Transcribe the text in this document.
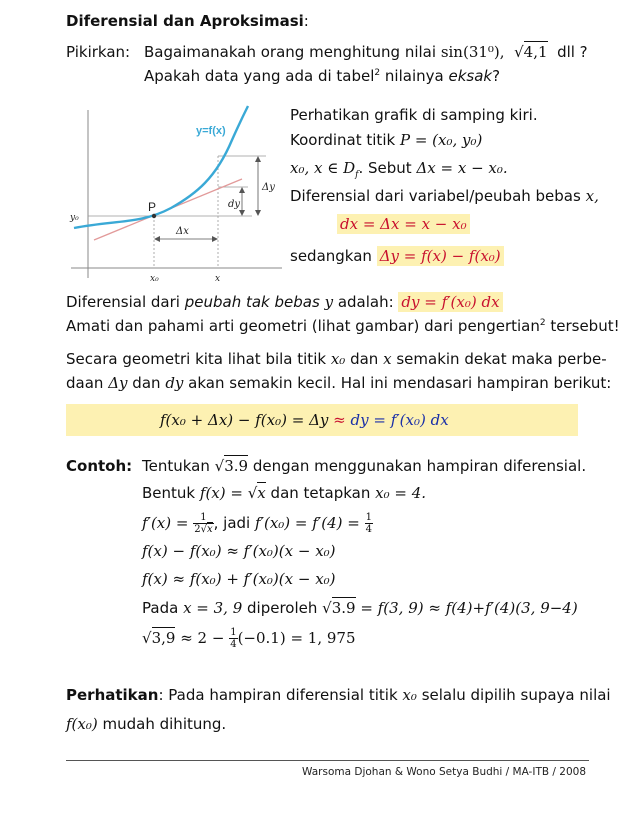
Diferensial dan Aproksimasi:
Pikirkan: Bagaimanakah orang menghitung nilai sin(31⁰), √4,1 dll ?
Apakah data yang ada di tabel$^2$ nilainya eksak?
y=f(x)
P
Δy
dy
Δx
y₀
x₀	x
Perhatikan grafik di samping kiri.
Koordinat titik P = (x₀, y₀)
x₀, x ∈ $D_f$. Sebut Δx = x − x₀.
Diferensial dari variabel/peubah bebas x,
dx = Δx = x − x₀
sedangkan Δy = f(x) − f(x₀)
Diferensial dari peubah tak bebas y adalah: dy = f′(x₀) dx
Amati dan pahami arti geometri (lihat gambar) dari pengertian$^2$ tersebut!
Secara geometri kita lihat bila titik x₀ dan x semakin dekat maka perbe-
daan Δy dan dy akan semakin kecil. Hal ini mendasari hampiran berikut:
f(x₀ + Δx) − f(x₀) = Δy ≈ dy = f′(x₀) dx
Contoh: Tentukan √3.9 dengan menggunakan hampiran diferensial.
Bentuk f(x) = √x dan tetapkan x₀ = 4.
$f'(x) = \frac{1}{2√x}$ , jadi $f'(x_0) = f'(4) = \frac{1}{4}$
f(x) − f(x₀) ≈ f′(x₀)(x − x₀)
f(x) ≈ f(x₀) + f′(x₀)(x − x₀)
Pada x = 3, 9 diperoleh √3.9 = f(3, 9) ≈ f(4)+f′(4)(3, 9−4)
$√3,9 \approx 2 - \frac{1}{4} (-0.1) = 1$, 975
Perhatikan: Pada hampiran diferensial titik x₀ selalu dipilih supaya nilai
f(x₀) mudah dihitung.
Warsoma Djohan & Wono Setya Budhi / MA-ITB / 2008
